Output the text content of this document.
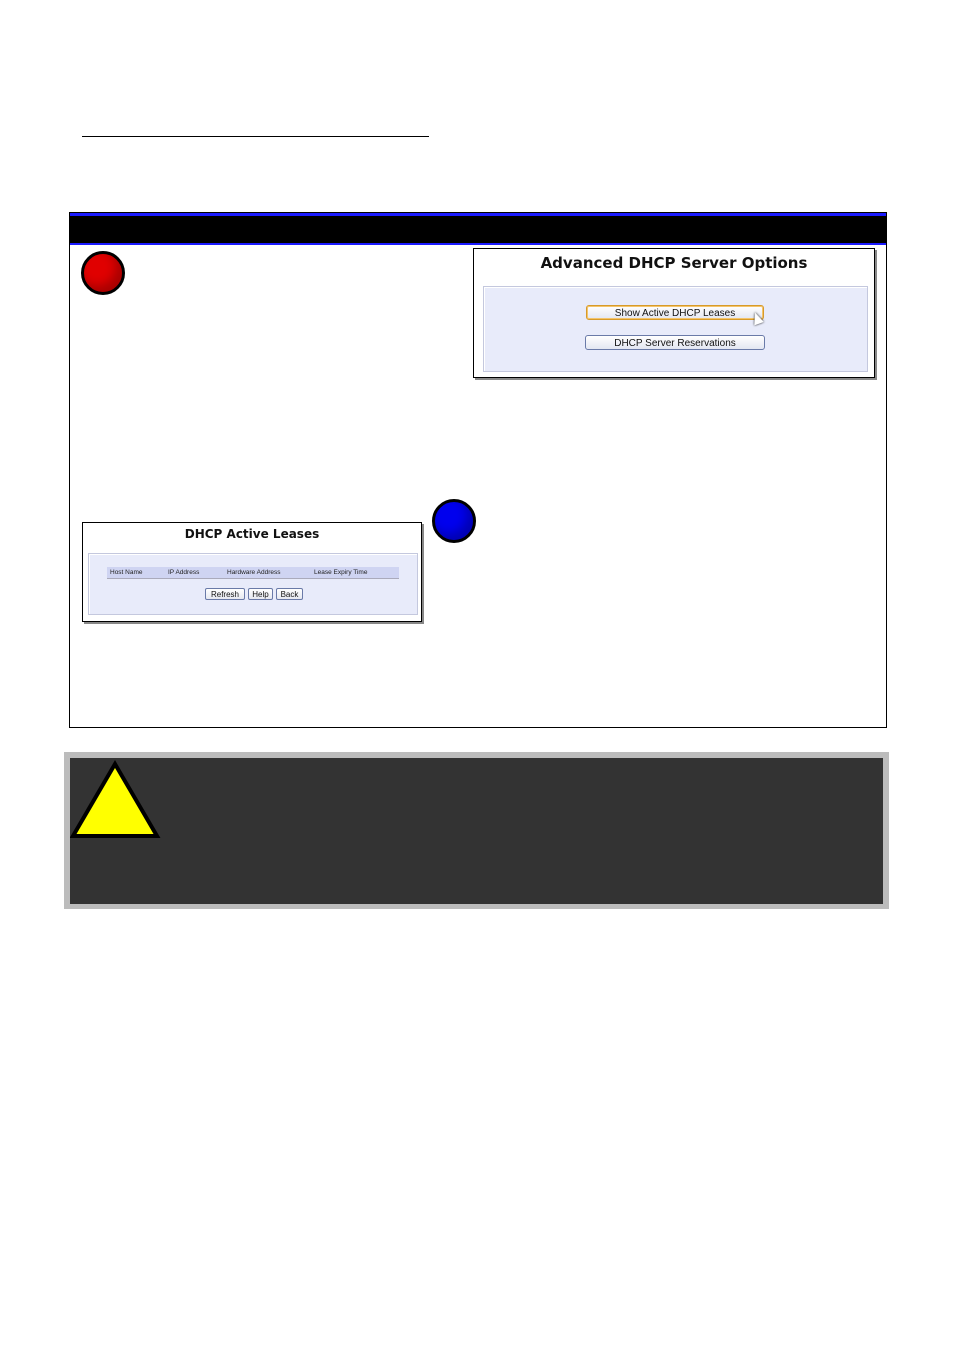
Advanced DHCP Server Options
Show Active DHCP Leases
DHCP Server Reservations
DHCP Active Leases
Host Name	IP Address	Hardware Address	Lease Expiry Time
Refresh	Help	Back
